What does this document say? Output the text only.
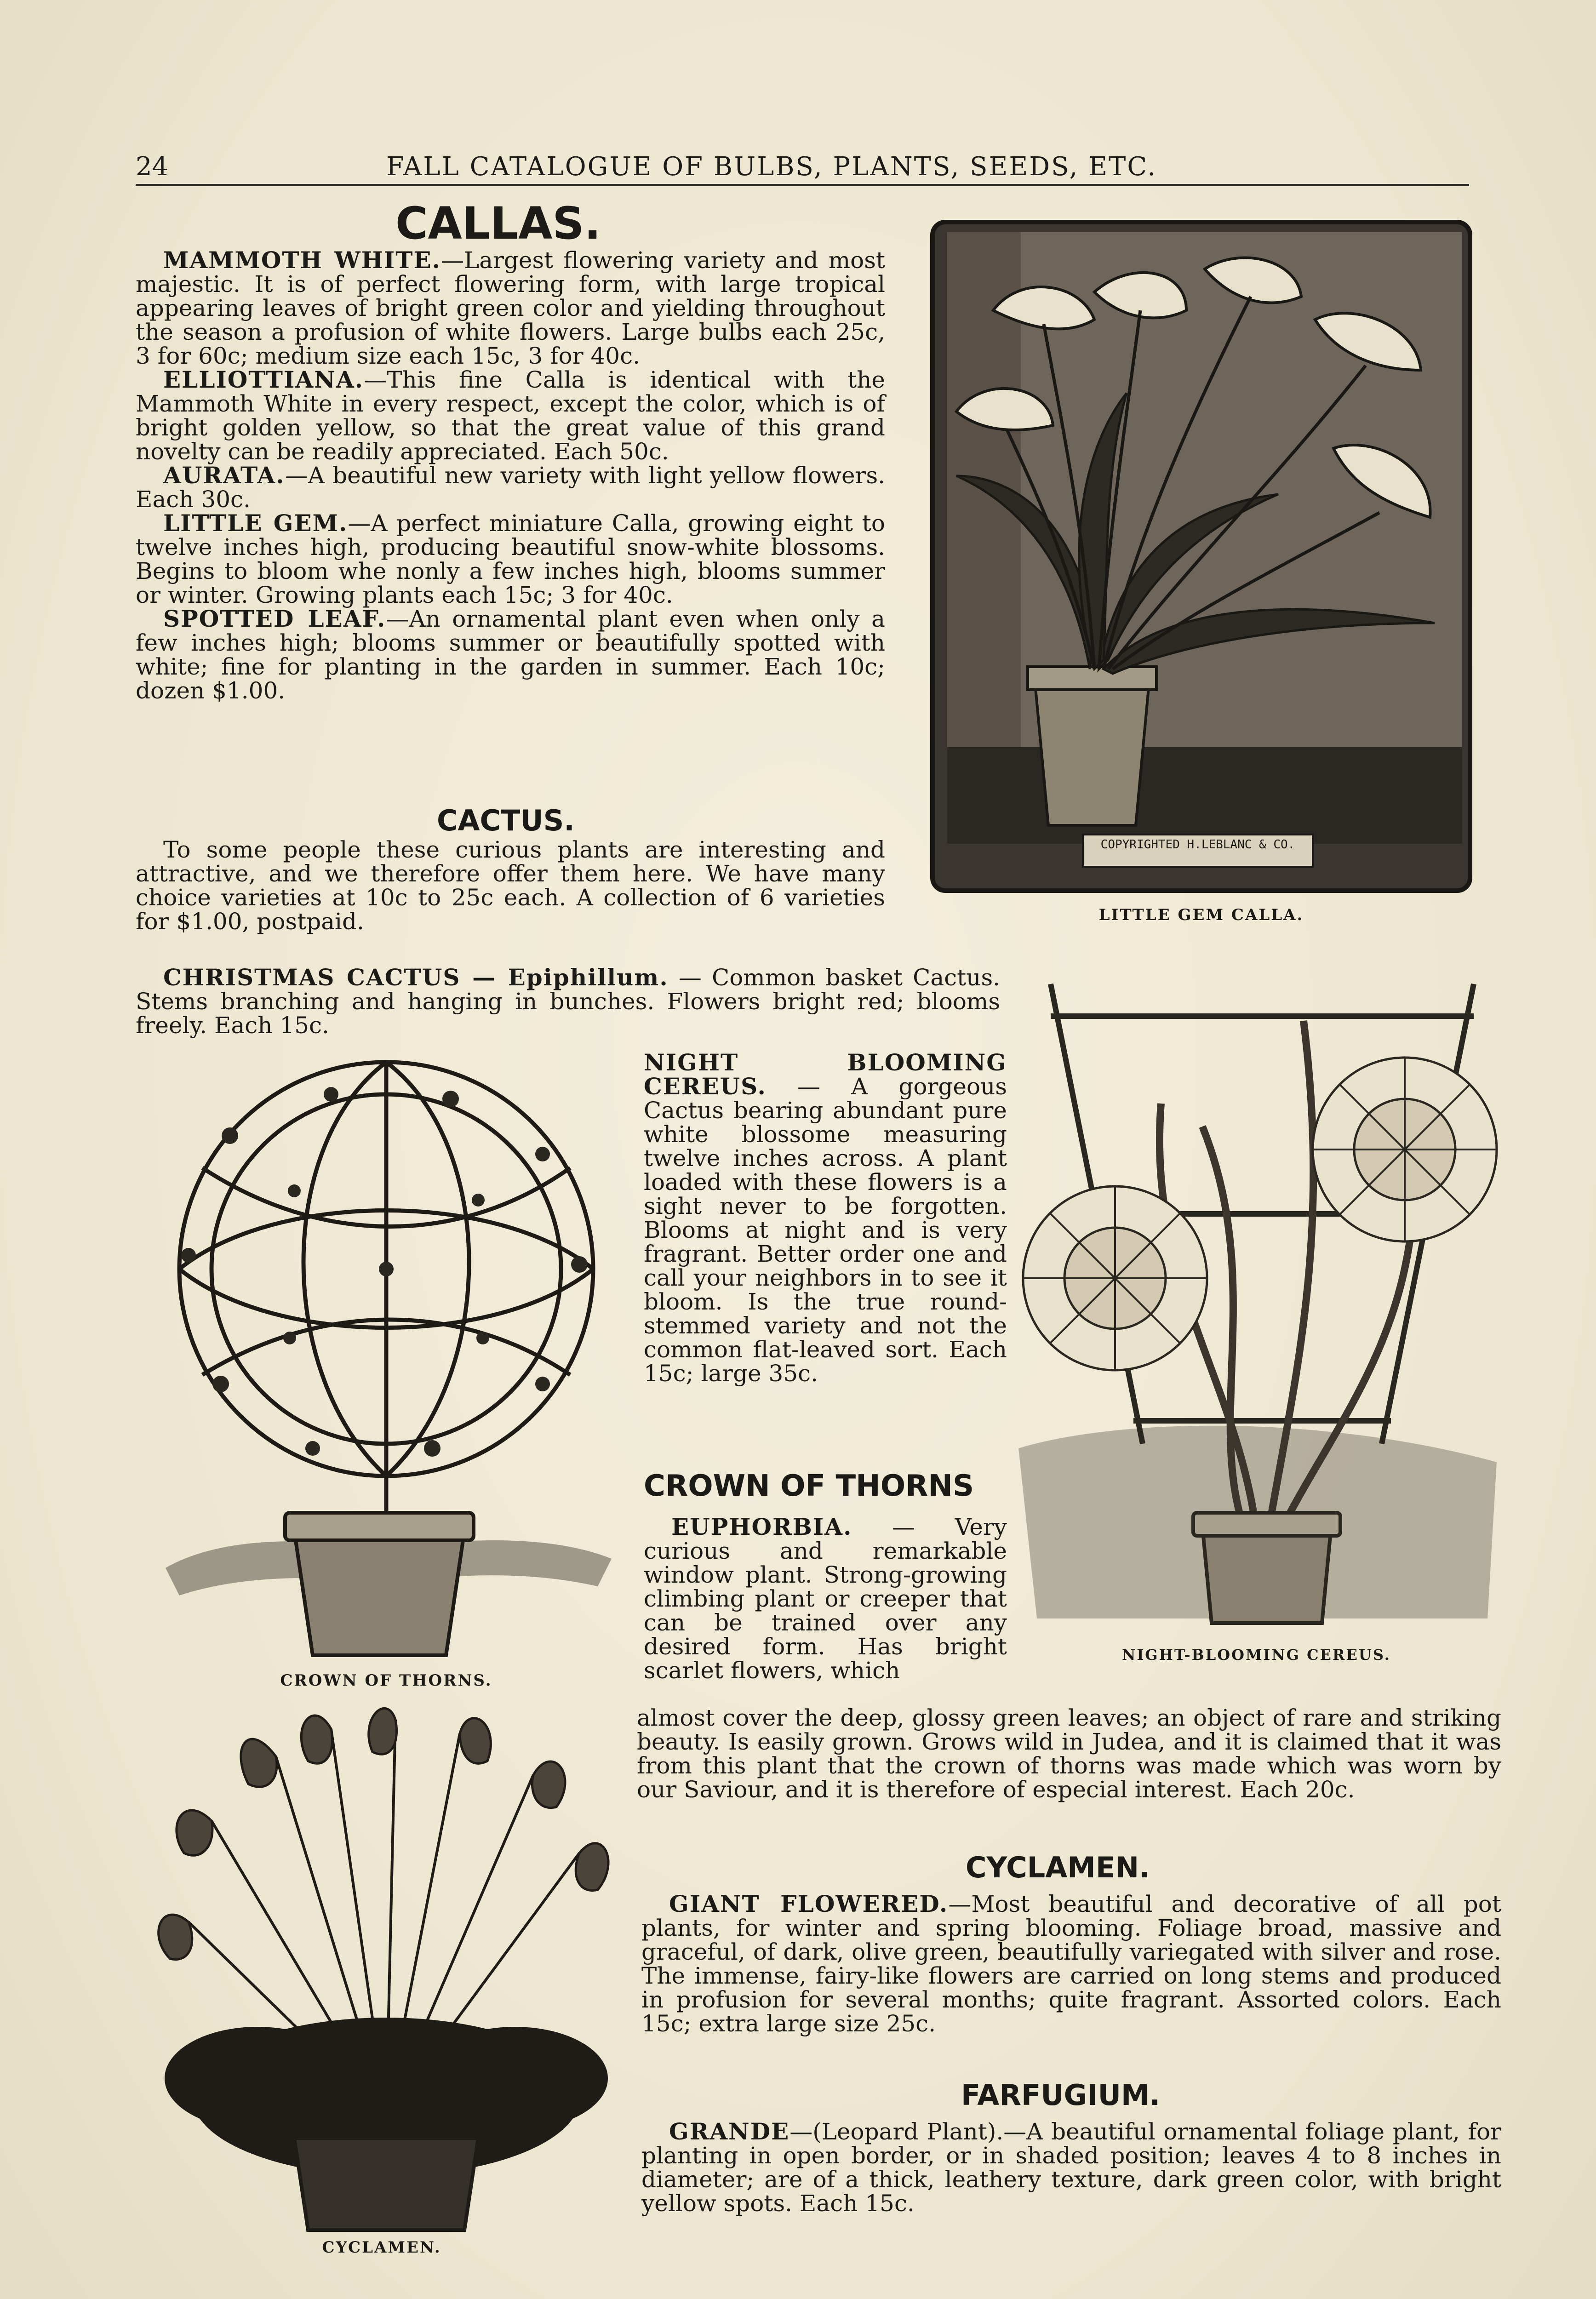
24	FALL CATALOGUE OF BULBS, PLANTS, SEEDS, ETC.
CALLAS.
MAMMOTH WHITE.—Largest flowering variety and most majestic. It is of perfect flowering form, with large tropical appearing leaves of bright green color and yielding throughout the season a profusion of white flowers. Large bulbs each 25c, 3 for 60c; medium size each 15c, 3 for 40c.
ELLIOTTIANA.—This fine Calla is identical with the Mammoth White in every respect, except the color, which is of bright golden yellow, so that the great value of this grand novelty can be readily appreciated. Each 50c.
AURATA.—A beautiful new variety with light yellow flowers. Each 30c.
LITTLE GEM.—A perfect miniature Calla, growing eight to twelve inches high, producing beautiful snow-white blossoms. Begins to bloom whe nonly a few inches high, blooms summer or winter. Growing plants each 15c; 3 for 40c.
SPOTTED LEAF.—An ornamental plant even when only a few inches high; blooms summer or beautifully spotted with white; fine for planting in the garden in summer. Each 10c; dozen $1.00.
CACTUS.
To some people these curious plants are interesting and attractive, and we therefore offer them here. We have many choice varieties at 10c to 25c each. A collection of 6 varieties for $1.00, postpaid.
CHRISTMAS CACTUS — Epiphillum. — Common basket Cactus. Stems branching and hanging in bunches. Flowers bright red; blooms freely. Each 15c.
NIGHT BLOOMING CEREUS. — A gorgeous Cactus bearing abundant pure white blossome measuring twelve inches across. A plant loaded with these flowers is a sight never to be forgotten. Blooms at night and is very fragrant. Better order one and call your neighbors in to see it bloom. Is the true round-stemmed variety and not the common flat-leaved sort. Each 15c; large 35c.
CROWN OF THORNS
EUPHORBIA. — Very curious and remarkable window plant. Strong-growing climbing plant or creeper that can be trained over any desired form. Has bright scarlet flowers, which
almost cover the deep, glossy green leaves; an object of rare and striking beauty. Is easily grown. Grows wild in Judea, and it is claimed that it was from this plant that the crown of thorns was made which was worn by our Saviour, and it is therefore of especial interest. Each 20c.
CYCLAMEN.
GIANT FLOWERED.—Most beautiful and decorative of all pot plants, for winter and spring blooming. Foliage broad, massive and graceful, of dark, olive green, beautifully variegated with silver and rose. The immense, fairy-like flowers are carried on long stems and produced in profusion for several months; quite fragrant. Assorted colors. Each 15c; extra large size 25c.
FARFUGIUM.
GRANDE—(Leopard Plant).—A beautiful ornamental foliage plant, for planting in open border, or in shaded position; leaves 4 to 8 inches in diameter; are of a thick, leathery texture, dark green color, with bright yellow spots. Each 15c.
COPYRIGHTED H.LEBLANC & CO.
LITTLE GEM CALLA.
CROWN OF THORNS.
NIGHT-BLOOMING CEREUS.
CYCLAMEN.
